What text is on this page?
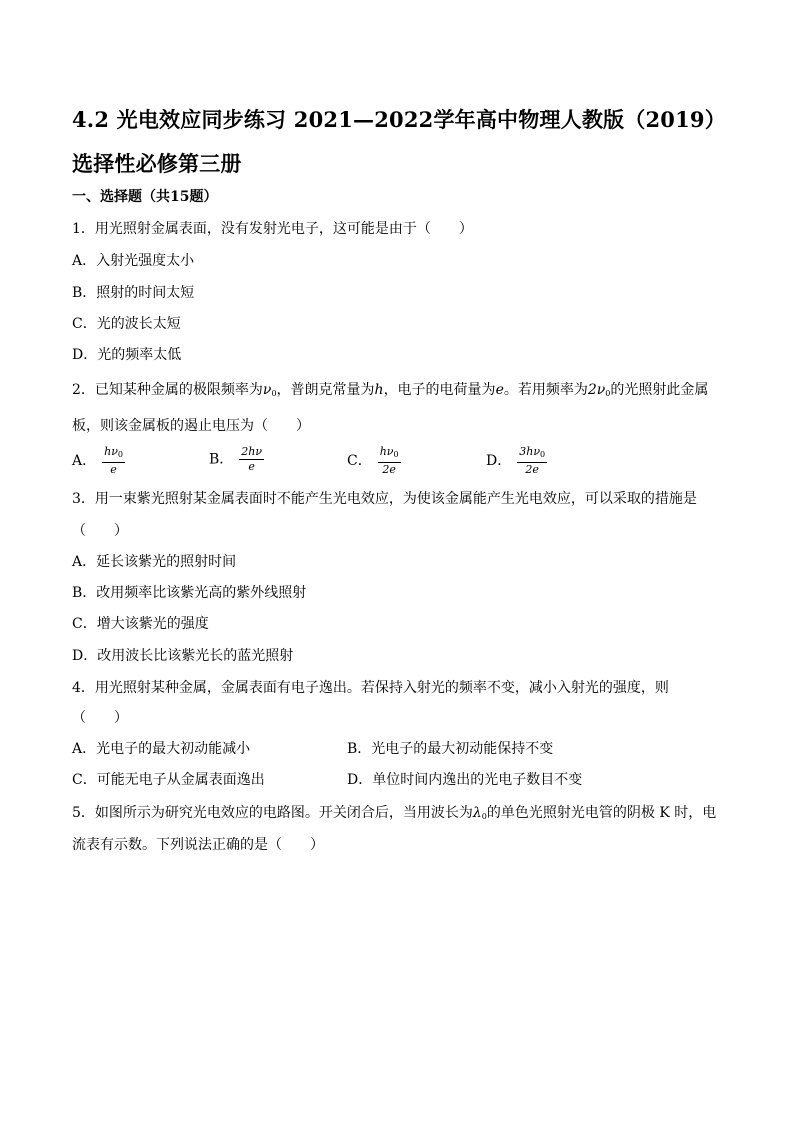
4.2 光电效应同步练习 2021—2022学年高中物理人教版（2019）选择性必修第三册
一、选择题（共15题）
1．用光照射金属表面，没有发射光电子，这可能是由于（　　）
A．入射光强度太小
B．照射的时间太短
C．光的波长太短
D．光的频率太低
2．已知某种金属的极限频率为$\nu_0$，普朗克常量为h，电子的电荷量为e。若用频率为$2\nu_0$的光照射此金属
板，则该金属板的遏止电压为（　　）
A． $\frac{h\nu_0}{e}$	B． $\frac{2h\nu}{e}$	C． $\frac{h\nu_0}{2e}$	D． $\frac{3h\nu_0}{2e}$
3．用一束紫光照射某金属表面时不能产生光电效应，为使该金属能产生光电效应，可以采取的措施是
（　　）
A．延长该紫光的照射时间
B．改用频率比该紫光高的紫外线照射
C．增大该紫光的强度
D．改用波长比该紫光长的蓝光照射
4．用光照射某种金属，金属表面有电子逸出。若保持入射光的频率不变，减小入射光的强度，则
（　　）
A．光电子的最大初动能减小	B．光电子的最大初动能保持不变
C．可能无电子从金属表面逸出	D．单位时间内逸出的光电子数目不变
5．如图所示为研究光电效应的电路图。开关闭合后，当用波长为$\lambda_0$的单色光照射光电管的阴极 K 时，电
流表有示数。下列说法正确的是（　　）
